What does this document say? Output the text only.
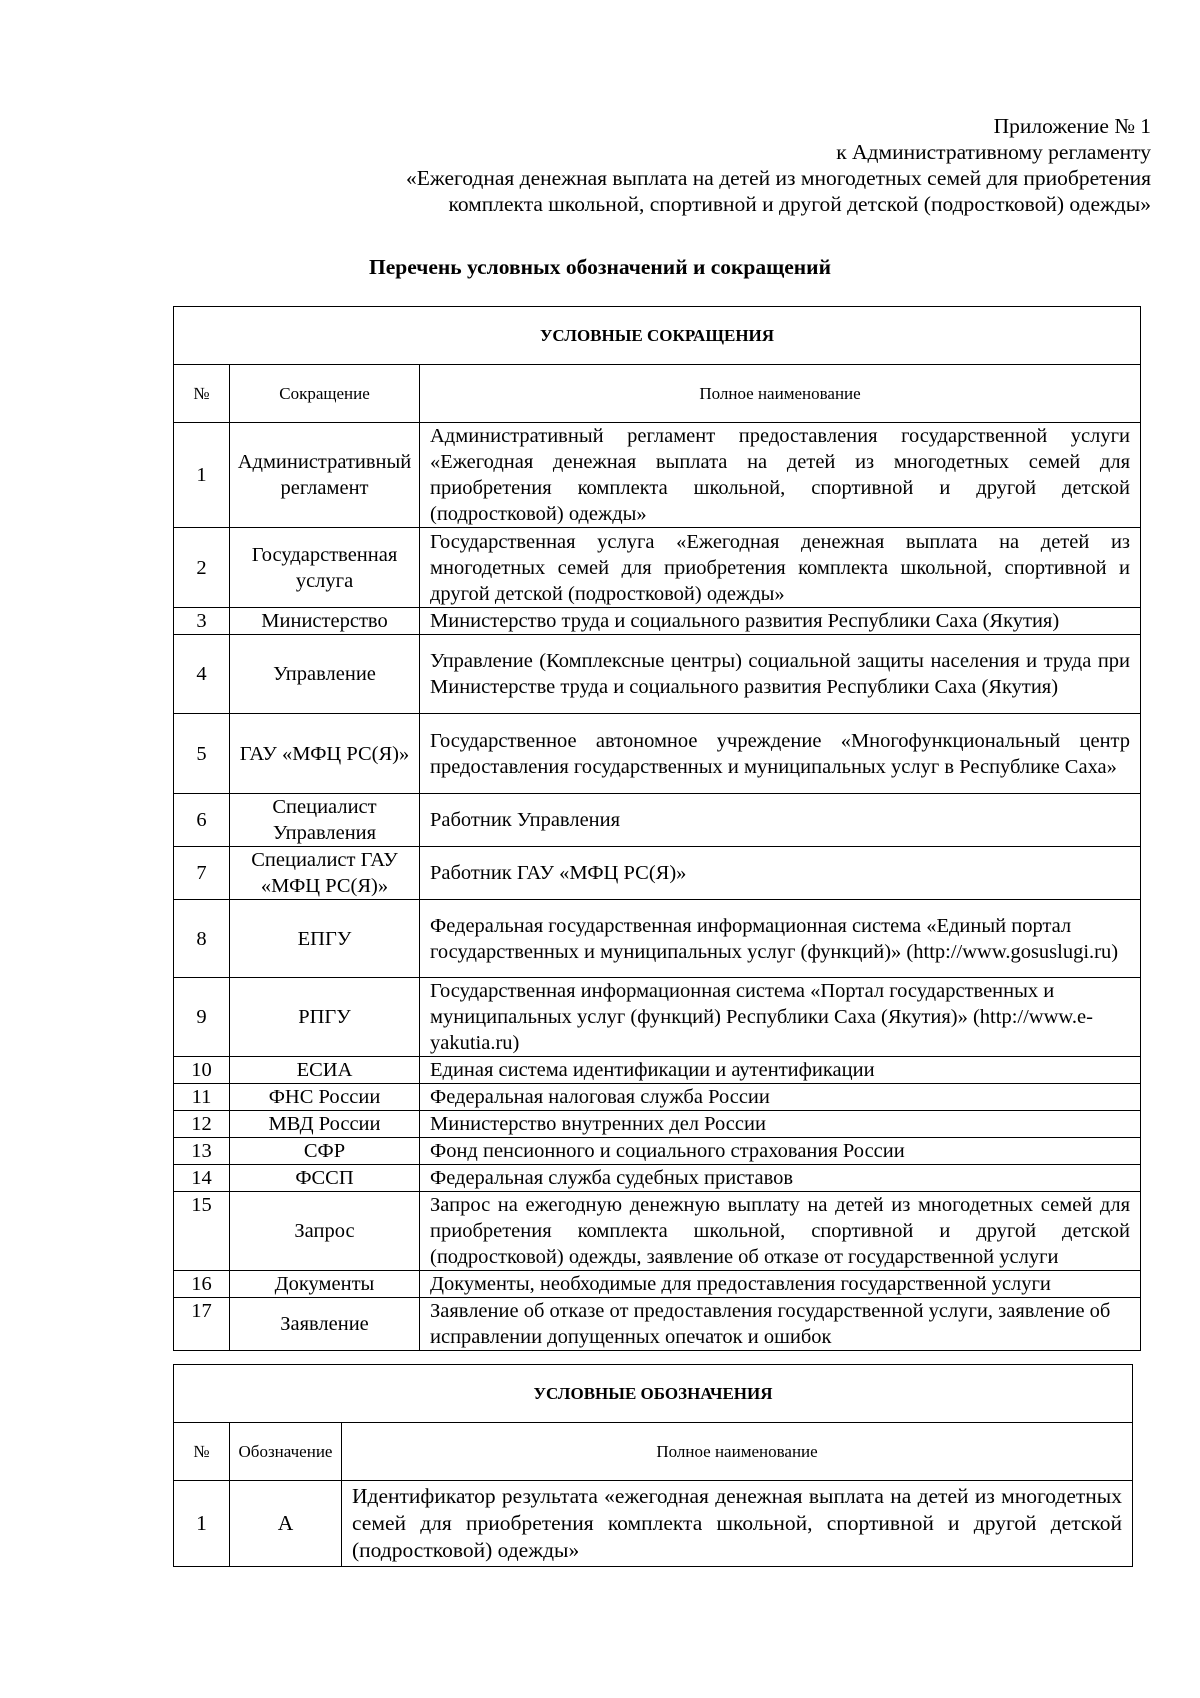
Приложение № 1
к Административному регламенту
«Ежегодная денежная выплата на детей из многодетных семей для приобретения
комплекта школьной, спортивной и другой детской (подростковой) одежды»
Перечень условных обозначений и сокращений
УСЛОВНЫЕ СОКРАЩЕНИЯ		
№	Сокращение	Полное наименование
1	Административный регламент	Административный регламент предоставления государственной услуги «Ежегодная денежная выплата на детей из многодетных семей для приобретения комплекта школьной, спортивной и другой детской (подростковой) одежды»
2	Государственная услуга	Государственная услуга «Ежегодная денежная выплата на детей из многодетных семей для приобретения комплекта школьной, спортивной и другой детской (подростковой) одежды»
3	Министерство	Министерство труда и социального развития Республики Саха (Якутия)
4	Управление	Управление (Комплексные центры) социальной защиты населения и труда при Министерстве труда и социального развития Республики Саха (Якутия)
5	ГАУ «МФЦ РС(Я)»	Государственное автономное учреждение «Многофункциональный центр предоставления государственных и муниципальных услуг в Республике Саха»
6	Специалист Управления	Работник Управления
7	Специалист ГАУ «МФЦ РС(Я)»	Работник ГАУ «МФЦ РС(Я)»
8	ЕПГУ	Федеральная государственная информационная система «Единый портал государственных и муниципальных услуг (функций)» (http://www.gosuslugi.ru)
9	РПГУ	Государственная информационная система «Портал государственных и муниципальных услуг (функций) Республики Саха (Якутия)» (http://www.e-yakutia.ru)
10	ЕСИА	Единая система идентификации и аутентификации
11	ФНС России	Федеральная налоговая служба России
12	МВД России	Министерство внутренних дел России
13	СФР	Фонд пенсионного и социального страхования России
14	ФССП	Федеральная служба судебных приставов
15	Запрос	Запрос на ежегодную денежную выплату на детей из многодетных семей для приобретения комплекта школьной, спортивной и другой детской (подростковой) одежды, заявление об отказе от государственной услуги
16	Документы	Документы, необходимые для предоставления государственной услуги
17	Заявление	Заявление об отказе от предоставления государственной услуги, заявление об исправлении допущенных опечаток и ошибок
УСЛОВНЫЕ ОБОЗНАЧЕНИЯ		
№	Обозначение	Полное наименование
1	А	Идентификатор результата «ежегодная денежная выплата на детей из многодетных семей для приобретения комплекта школьной, спортивной и другой детской (подростковой) одежды»
